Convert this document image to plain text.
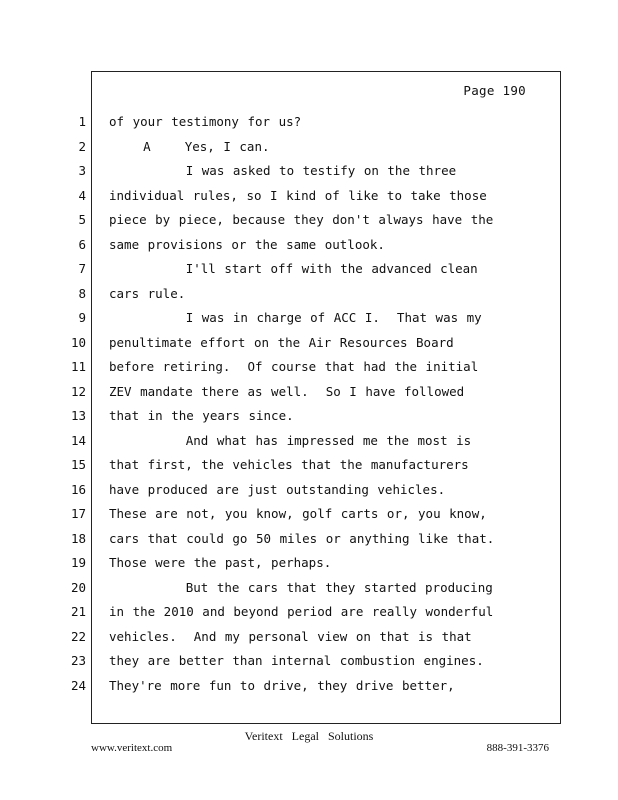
Page 190
1
2
3
4
5
6
7
8
9
10
11
12
13
14
15
16
17
18
19
20
21
22
23
24
of your testimony for us?
A    Yes, I can.
I was asked to testify on the three
individual rules, so I kind of like to take those
piece by piece, because they don't always have the
same provisions or the same outlook.
I'll start off with the advanced clean
cars rule.
I was in charge of ACC I.  That was my
penultimate effort on the Air Resources Board
before retiring.  Of course that had the initial
ZEV mandate there as well.  So I have followed
that in the years since.
And what has impressed me the most is
that first, the vehicles that the manufacturers
have produced are just outstanding vehicles.
These are not, you know, golf carts or, you know,
cars that could go 50 miles or anything like that.
Those were the past, perhaps.
But the cars that they started producing
in the 2010 and beyond period are really wonderful
vehicles.  And my personal view on that is that
they are better than internal combustion engines.
They're more fun to drive, they drive better,
Veritext Legal Solutions
www.veritext.com	888-391-3376
